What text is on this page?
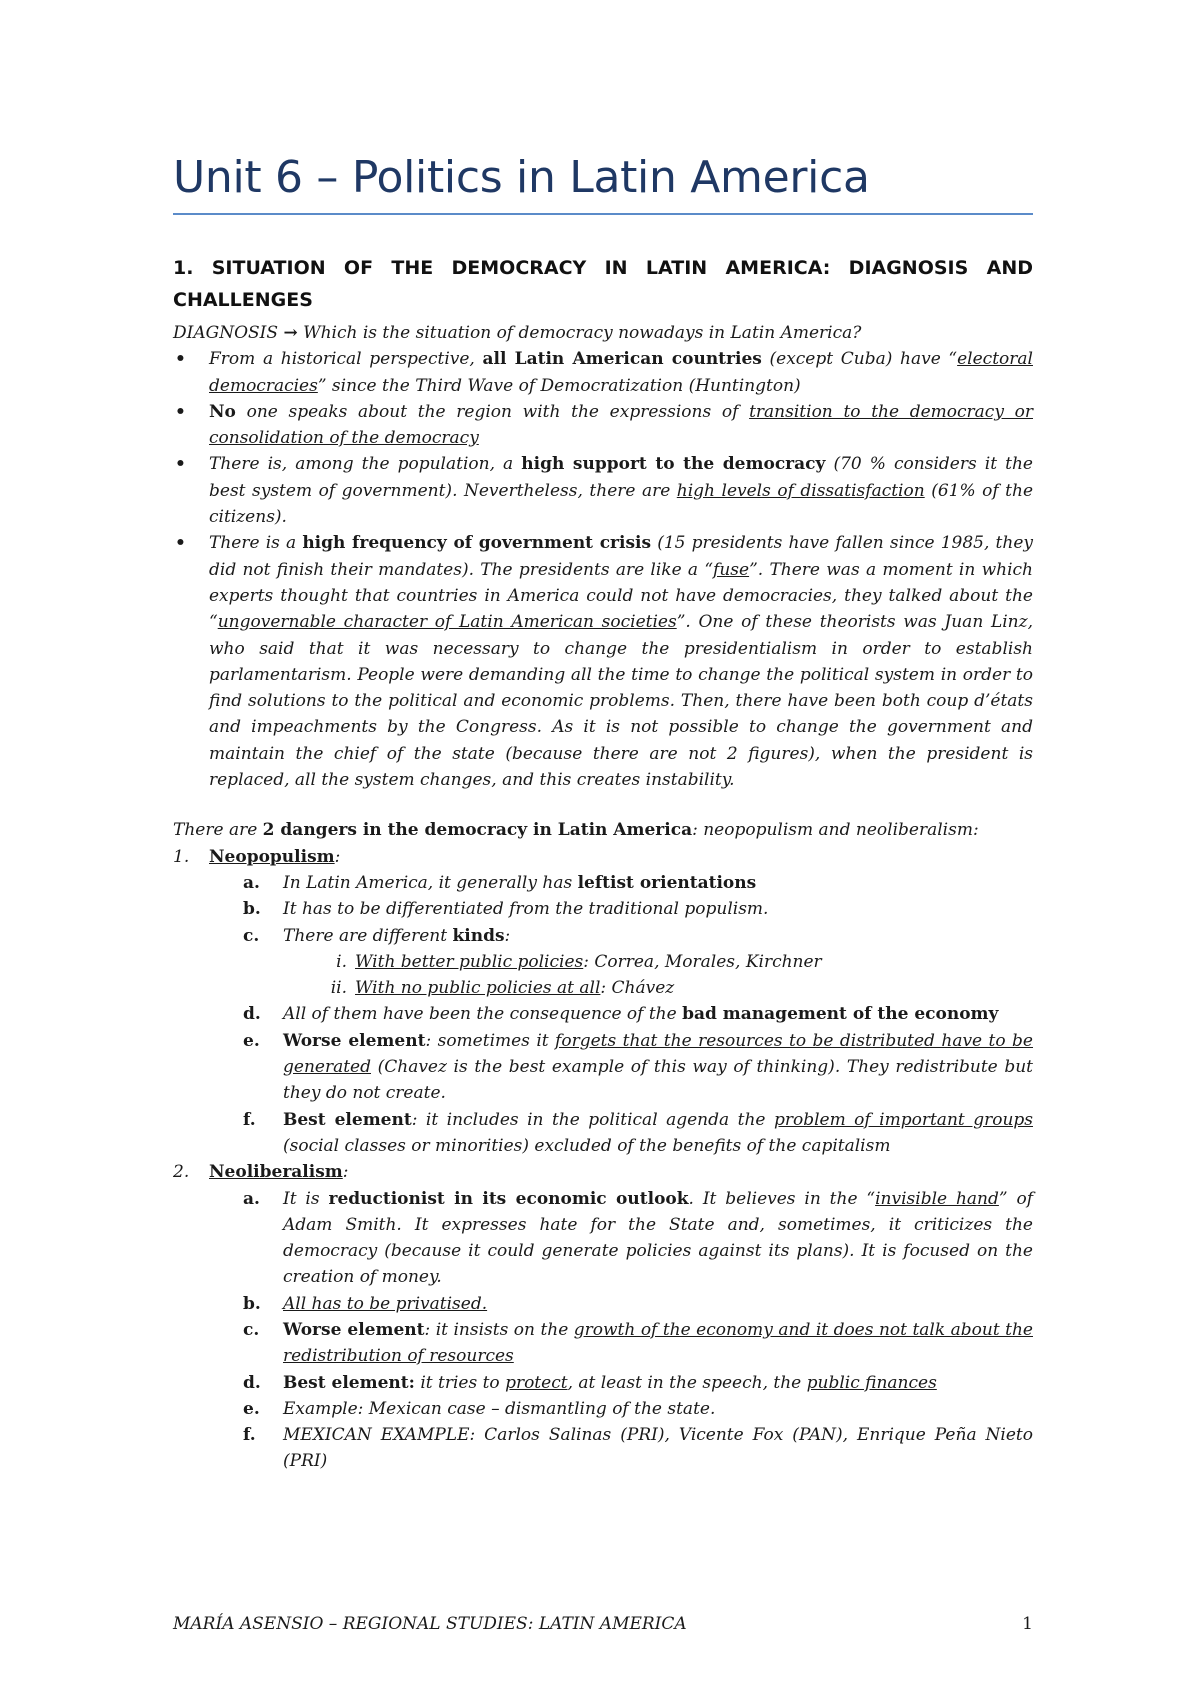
Unit 6 – Politics in Latin America
1. SITUATION OF THE DEMOCRACY IN LATIN AMERICA: DIAGNOSIS AND CHALLENGES

DIAGNOSIS → Which is the situation of democracy nowadays in Latin America?

• From a historical perspective, all Latin American countries (except Cuba) have “electoral democracies” since the Third Wave of Democratization (Huntington)
• No one speaks about the region with the expressions of transition to the democracy or consolidation of the democracy
• There is, among the population, a high support to the democracy (70 % considers it the best system of government). Nevertheless, there are high levels of dissatisfaction (61% of the citizens).
• There is a high frequency of government crisis (15 presidents have fallen since 1985, they did not finish their mandates). The presidents are like a “fuse”. There was a moment in which experts thought that countries in America could not have democracies, they talked about the “ungovernable character of Latin American societies”. One of these theorists was Juan Linz, who said that it was necessary to change the presidentialism in order to establish parlamentarism. People were demanding all the time to change the political system in order to find solutions to the political and economic problems. Then, there have been both coup d’états and impeachments by the Congress. As it is not possible to change the government and maintain the chief of the state (because there are not 2 figures), when the president is replaced, all the system changes, and this creates instability.

There are 2 dangers in the democracy in Latin America: neopopulism and neoliberalism:

1. Neopopulism:
a. In Latin America, it generally has leftist orientations
b. It has to be differentiated from the traditional populism.
c. There are different kinds:
i. With better public policies: Correa, Morales, Kirchner
ii. With no public policies at all: Chávez
d. All of them have been the consequence of the bad management of the economy
e. Worse element: sometimes it forgets that the resources to be distributed have to be generated (Chavez is the best example of this way of thinking). They redistribute but they do not create.
f. Best element: it includes in the political agenda the problem of important groups (social classes or minorities) excluded of the benefits of the capitalism
2. Neoliberalism:
a. It is reductionist in its economic outlook. It believes in the “invisible hand” of Adam Smith. It expresses hate for the State and, sometimes, it criticizes the democracy (because it could generate policies against its plans). It is focused on the creation of money.
b. All has to be privatised.
c. Worse element: it insists on the growth of the economy and it does not talk about the redistribution of resources
d. Best element: it tries to protect, at least in the speech, the public finances
e. Example: Mexican case – dismantling of the state.
f. MEXICAN EXAMPLE: Carlos Salinas (PRI), Vicente Fox (PAN), Enrique Peña Nieto (PRI)
MARÍA ASENSIO – REGIONAL STUDIES: LATIN AMERICA	1
